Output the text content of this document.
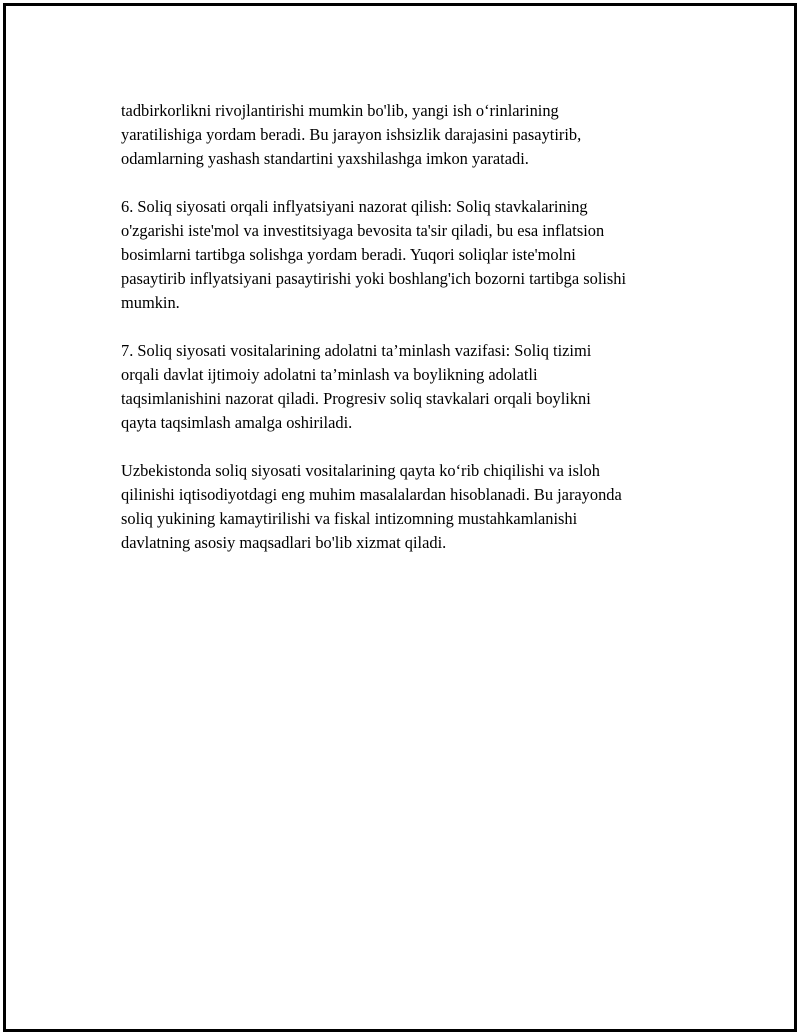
tadbirkorlikni rivojlantirishi mumkin bo'lib, yangi ish o‘rinlarining
yaratilishiga yordam beradi. Bu jarayon ishsizlik darajasini pasaytirib,
odamlarning yashash standartini yaxshilashga imkon yaratadi.

6. Soliq siyosati orqali inflyatsiyani nazorat qilish: Soliq stavkalarining
o'zgarishi iste'mol va investitsiyaga bevosita ta'sir qiladi, bu esa inflatsion
bosimlarni tartibga solishga yordam beradi. Yuqori soliqlar iste'molni
pasaytirib inflyatsiyani pasaytirishi yoki boshlang'ich bozorni tartibga solishi
mumkin.

7. Soliq siyosati vositalarining adolatni ta’minlash vazifasi: Soliq tizimi
orqali davlat ijtimoiy adolatni ta’minlash va boylikning adolatli
taqsimlanishini nazorat qiladi. Progresiv soliq stavkalari orqali boylikni
qayta taqsimlash amalga oshiriladi.

Uzbekistonda soliq siyosati vositalarining qayta ko‘rib chiqilishi va isloh
qilinishi iqtisodiyotdagi eng muhim masalalardan hisoblanadi. Bu jarayonda
soliq yukining kamaytirilishi va fiskal intizomning mustahkamlanishi
davlatning asosiy maqsadlari bo'lib xizmat qiladi.
